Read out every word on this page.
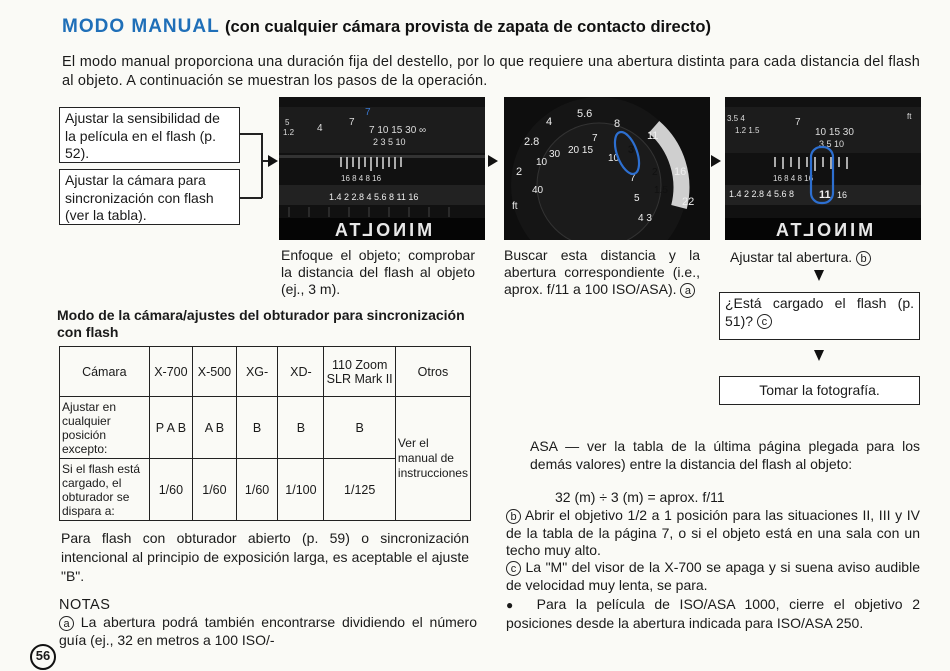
MODO MANUAL (con cualquier cámara provista de zapata de contacto directo)
El modo manual proporciona una duración fija del destello, por lo que requiere una abertura distinta para cada distancia del flash al objeto. A continuación se muestran los pasos de la operación.
Ajustar la sensibilidad de la película en el flash (p. 52).
Ajustar la cámara para sincronización con flash (ver la tabla).
5
1.2 4
7
7
7 10 15 30 ∞
2 3 5 10
16 8 4 8 16
1.4 2 2.8 4 5.6 8 11 16
MINOLTA
5.6
4	8
11
16
22
2.8
2
ft
40
10
30 20 15
7
10
3
2
1.5
7
5
4 3
3.5 4
1.2 1.5
7
10 15 30
3 5 10
ft
16 8 4 8 16
1.4 2 2.8 4 5.6 8 11 16
MINOLTA
Enfoque el objeto; comprobar la distancia del flash al objeto (ej., 3 m).
Buscar esta distancia y la abertura correspondiente (i.e., aprox. f/11 a 100 ISO/ASA). a
Ajustar tal abertura. b
¿Está cargado el flash (p. 51)? c
Tomar la fotografía.
Modo de la cámara/ajustes del obturador para sincronización con flash
Cámara	X-700	X-500	XG-	XD-	110 Zoom SLR Mark II	Otros
Ajustar en cualquier posición excepto:	P A B	A B	B	B	B	Ver el manual de instrucciones
Si el flash está cargado, el obturador se dispara a:	1/60	1/60	1/60	1/100	1/125	
Para flash con obturador abierto (p. 59) o sincronización intencional al principio de exposición larga, es aceptable el ajuste "B".
NOTAS
a La abertura podrá también encontrarse dividiendo el número guía (ej., 32 en metros a 100 ISO/-
ASA — ver la tabla de la última página plegada para los demás valores) entre la distancia del flash al objeto:
32 (m) ÷ 3 (m) = aprox. f/11
b Abrir el objetivo 1/2 a 1 posición para las situaciones II, III y IV de la tabla de la página 7, o si el objeto está en una sala con un techo muy alto.
c La "M" del visor de la X-700 se apaga y si suena aviso audible de velocidad muy lenta, se para.
● Para la película de ISO/ASA 1000, cierre el objetivo 2 posiciones desde la abertura indicada para ISO/ASA 250.
56
